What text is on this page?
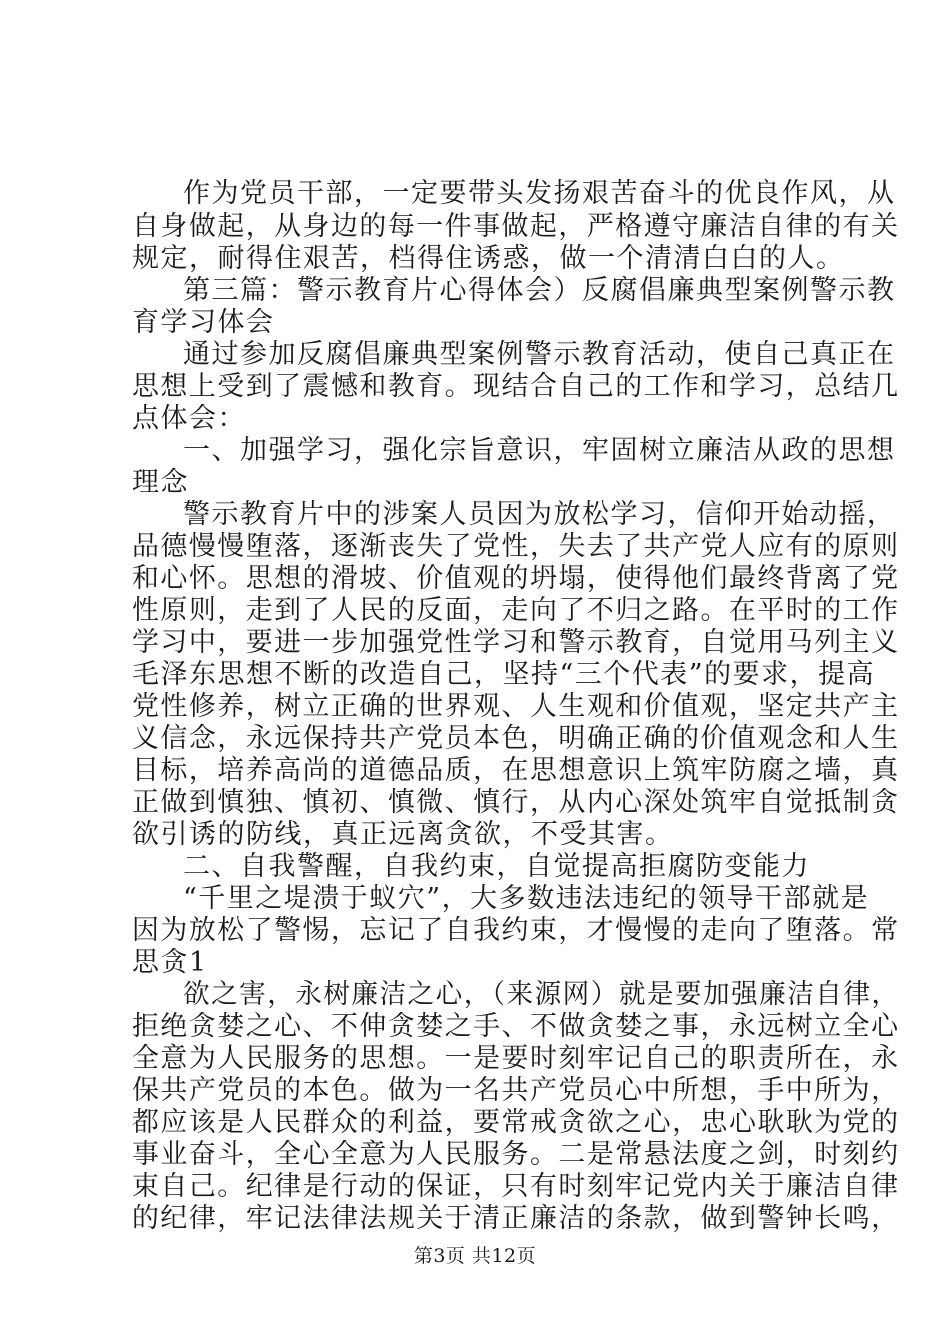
作为党员干部，一定要带头发扬艰苦奋斗的优良作风，从
自身做起，从身边的每一件事做起，严格遵守廉洁自律的有关
规定，耐得住艰苦，档得住诱惑，做一个清清白白的人。
第三篇：警示教育片心得体会）反腐倡廉典型案例警示教
育学习体会
通过参加反腐倡廉典型案例警示教育活动，使自己真正在
思想上受到了震憾和教育。现结合自己的工作和学习，总结几
点体会：
一、加强学习，强化宗旨意识，牢固树立廉洁从政的思想
理念
警示教育片中的涉案人员因为放松学习，信仰开始动摇，
品德慢慢堕落，逐渐丧失了党性，失去了共产党人应有的原则
和心怀。思想的滑坡、价值观的坍塌，使得他们最终背离了党
性原则，走到了人民的反面，走向了不归之路。在平时的工作
学习中，要进一步加强党性学习和警示教育，自觉用马列主义
毛泽东思想不断的改造自己，坚持“三个代表”的要求，提高
党性修养，树立正确的世界观、人生观和价值观，坚定共产主
义信念，永远保持共产党员本色，明确正确的价值观念和人生
目标，培养高尚的道德品质，在思想意识上筑牢防腐之墙，真
正做到慎独、慎初、慎微、慎行，从内心深处筑牢自觉抵制贪
欲引诱的防线，真正远离贪欲，不受其害。
二、自我警醒，自我约束，自觉提高拒腐防变能力
“千里之堤溃于蚁穴”，大多数违法违纪的领导干部就是
因为放松了警惕，忘记了自我约束，才慢慢的走向了堕落。常
思贪1
欲之害，永树廉洁之心，（来源网）就是要加强廉洁自律，
拒绝贪婪之心、不伸贪婪之手、不做贪婪之事，永远树立全心
全意为人民服务的思想。一是要时刻牢记自己的职责所在，永
保共产党员的本色。做为一名共产党员心中所想，手中所为，
都应该是人民群众的利益，要常戒贪欲之心，忠心耿耿为党的
事业奋斗，全心全意为人民服务。二是常悬法度之剑，时刻约
束自己。纪律是行动的保证，只有时刻牢记党内关于廉洁自律
的纪律，牢记法律法规关于清正廉洁的条款，做到警钟长鸣，
第3页 共12页
